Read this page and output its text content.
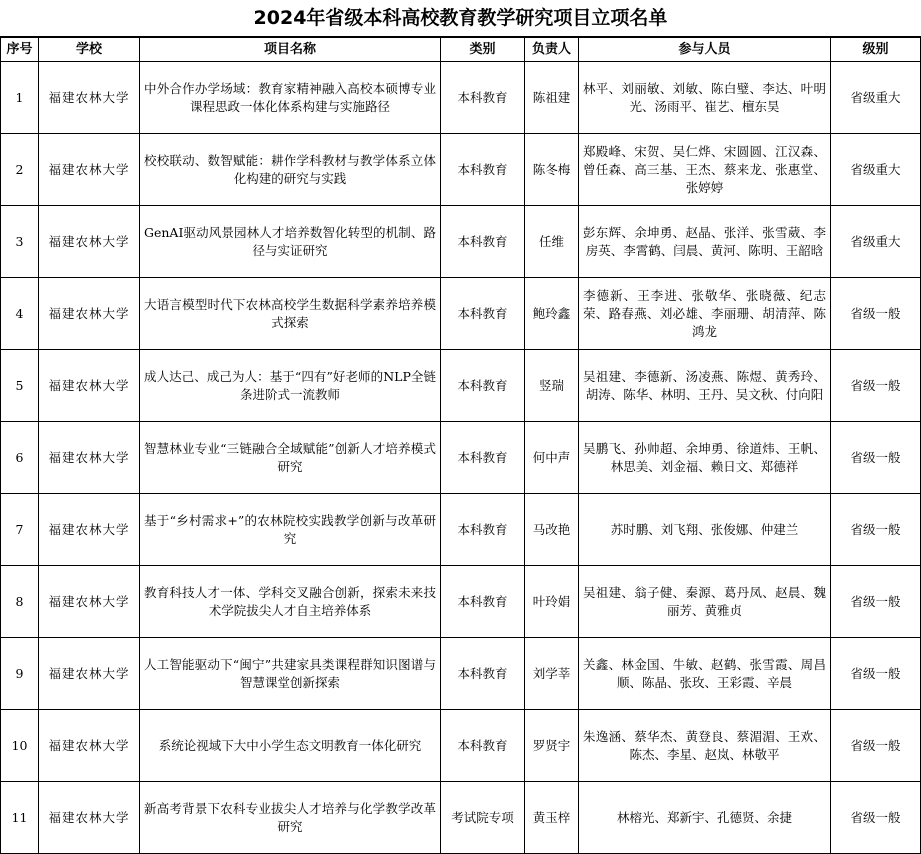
2024年省级本科高校教育教学研究项目立项名单
序号	学校	项目名称	类别	负责人	参与人员	级别
1	福建农林大学	中外合作办学场域：教育家精神融入高校本硕博专业课程思政一体化体系构建与实施路径	本科教育	陈祖建	林平、刘丽敏、刘敏、陈白璧、李达、叶明光、汤雨平、崔艺、檀东昊	省级重大
2	福建农林大学	校校联动、数智赋能：耕作学科教材与教学体系立体化构建的研究与实践	本科教育	陈冬梅	郑殿峰、宋贺、吴仁烨、宋圆圆、江汉森、曾任森、高三基、王杰、蔡来龙、张惠堂、张婷婷	省级重大
3	福建农林大学	GenAI驱动风景园林人才培养数智化转型的机制、路径与实证研究	本科教育	任维	彭东辉、余坤勇、赵晶、张洋、张雪葳、李房英、李霄鹤、闫晨、黄河、陈明、王韶晗	省级重大
4	福建农林大学	大语言模型时代下农林高校学生数据科学素养培养模式探索	本科教育	鲍玲鑫	李德新、王李进、张敬华、张晓薇、纪志荣、路春燕、刘必雄、李丽珊、胡清萍、陈鸿龙	省级一般
5	福建农林大学	成人达己、成己为人：基于“四有”好老师的NLP全链条进阶式一流教师	本科教育	竖瑞	吴祖建、李德新、汤凌燕、陈煜、黄秀玲、胡涛、陈华、林明、王丹、吴文秋、付向阳	省级一般
6	福建农林大学	智慧林业专业“三链融合全域赋能”创新人才培养模式研究	本科教育	何中声	吴鹏飞、孙帅超、余坤勇、徐道炜、王帆、林思美、刘金福、赖日文、郑德祥	省级一般
7	福建农林大学	基于“乡村需求+”的农林院校实践教学创新与改革研究	本科教育	马改艳	苏时鹏、刘飞翔、张俊娜、仲建兰	省级一般
8	福建农林大学	教育科技人才一体、学科交叉融合创新，探索未来技术学院拔尖人才自主培养体系	本科教育	叶玲娟	吴祖建、翁子健、秦源、葛丹凤、赵晨、魏丽芳、黄雅贞	省级一般
9	福建农林大学	人工智能驱动下“闽宁”共建家具类课程群知识图谱与智慧课堂创新探索	本科教育	刘学莘	关鑫、林金国、牛敏、赵鹤、张雪霞、周昌顺、陈晶、张玫、王彩霞、辛晨	省级一般
10	福建农林大学	系统论视域下大中小学生态文明教育一体化研究	本科教育	罗贤宇	朱逸涵、蔡华杰、黄登良、蔡湄湄、王欢、陈杰、李星、赵岚、林敬平	省级一般
11	福建农林大学	新高考背景下农科专业拔尖人才培养与化学教学改革研究	考试院专项	黄玉梓	林榕光、郑新宇、孔德贤、余捷	省级一般
